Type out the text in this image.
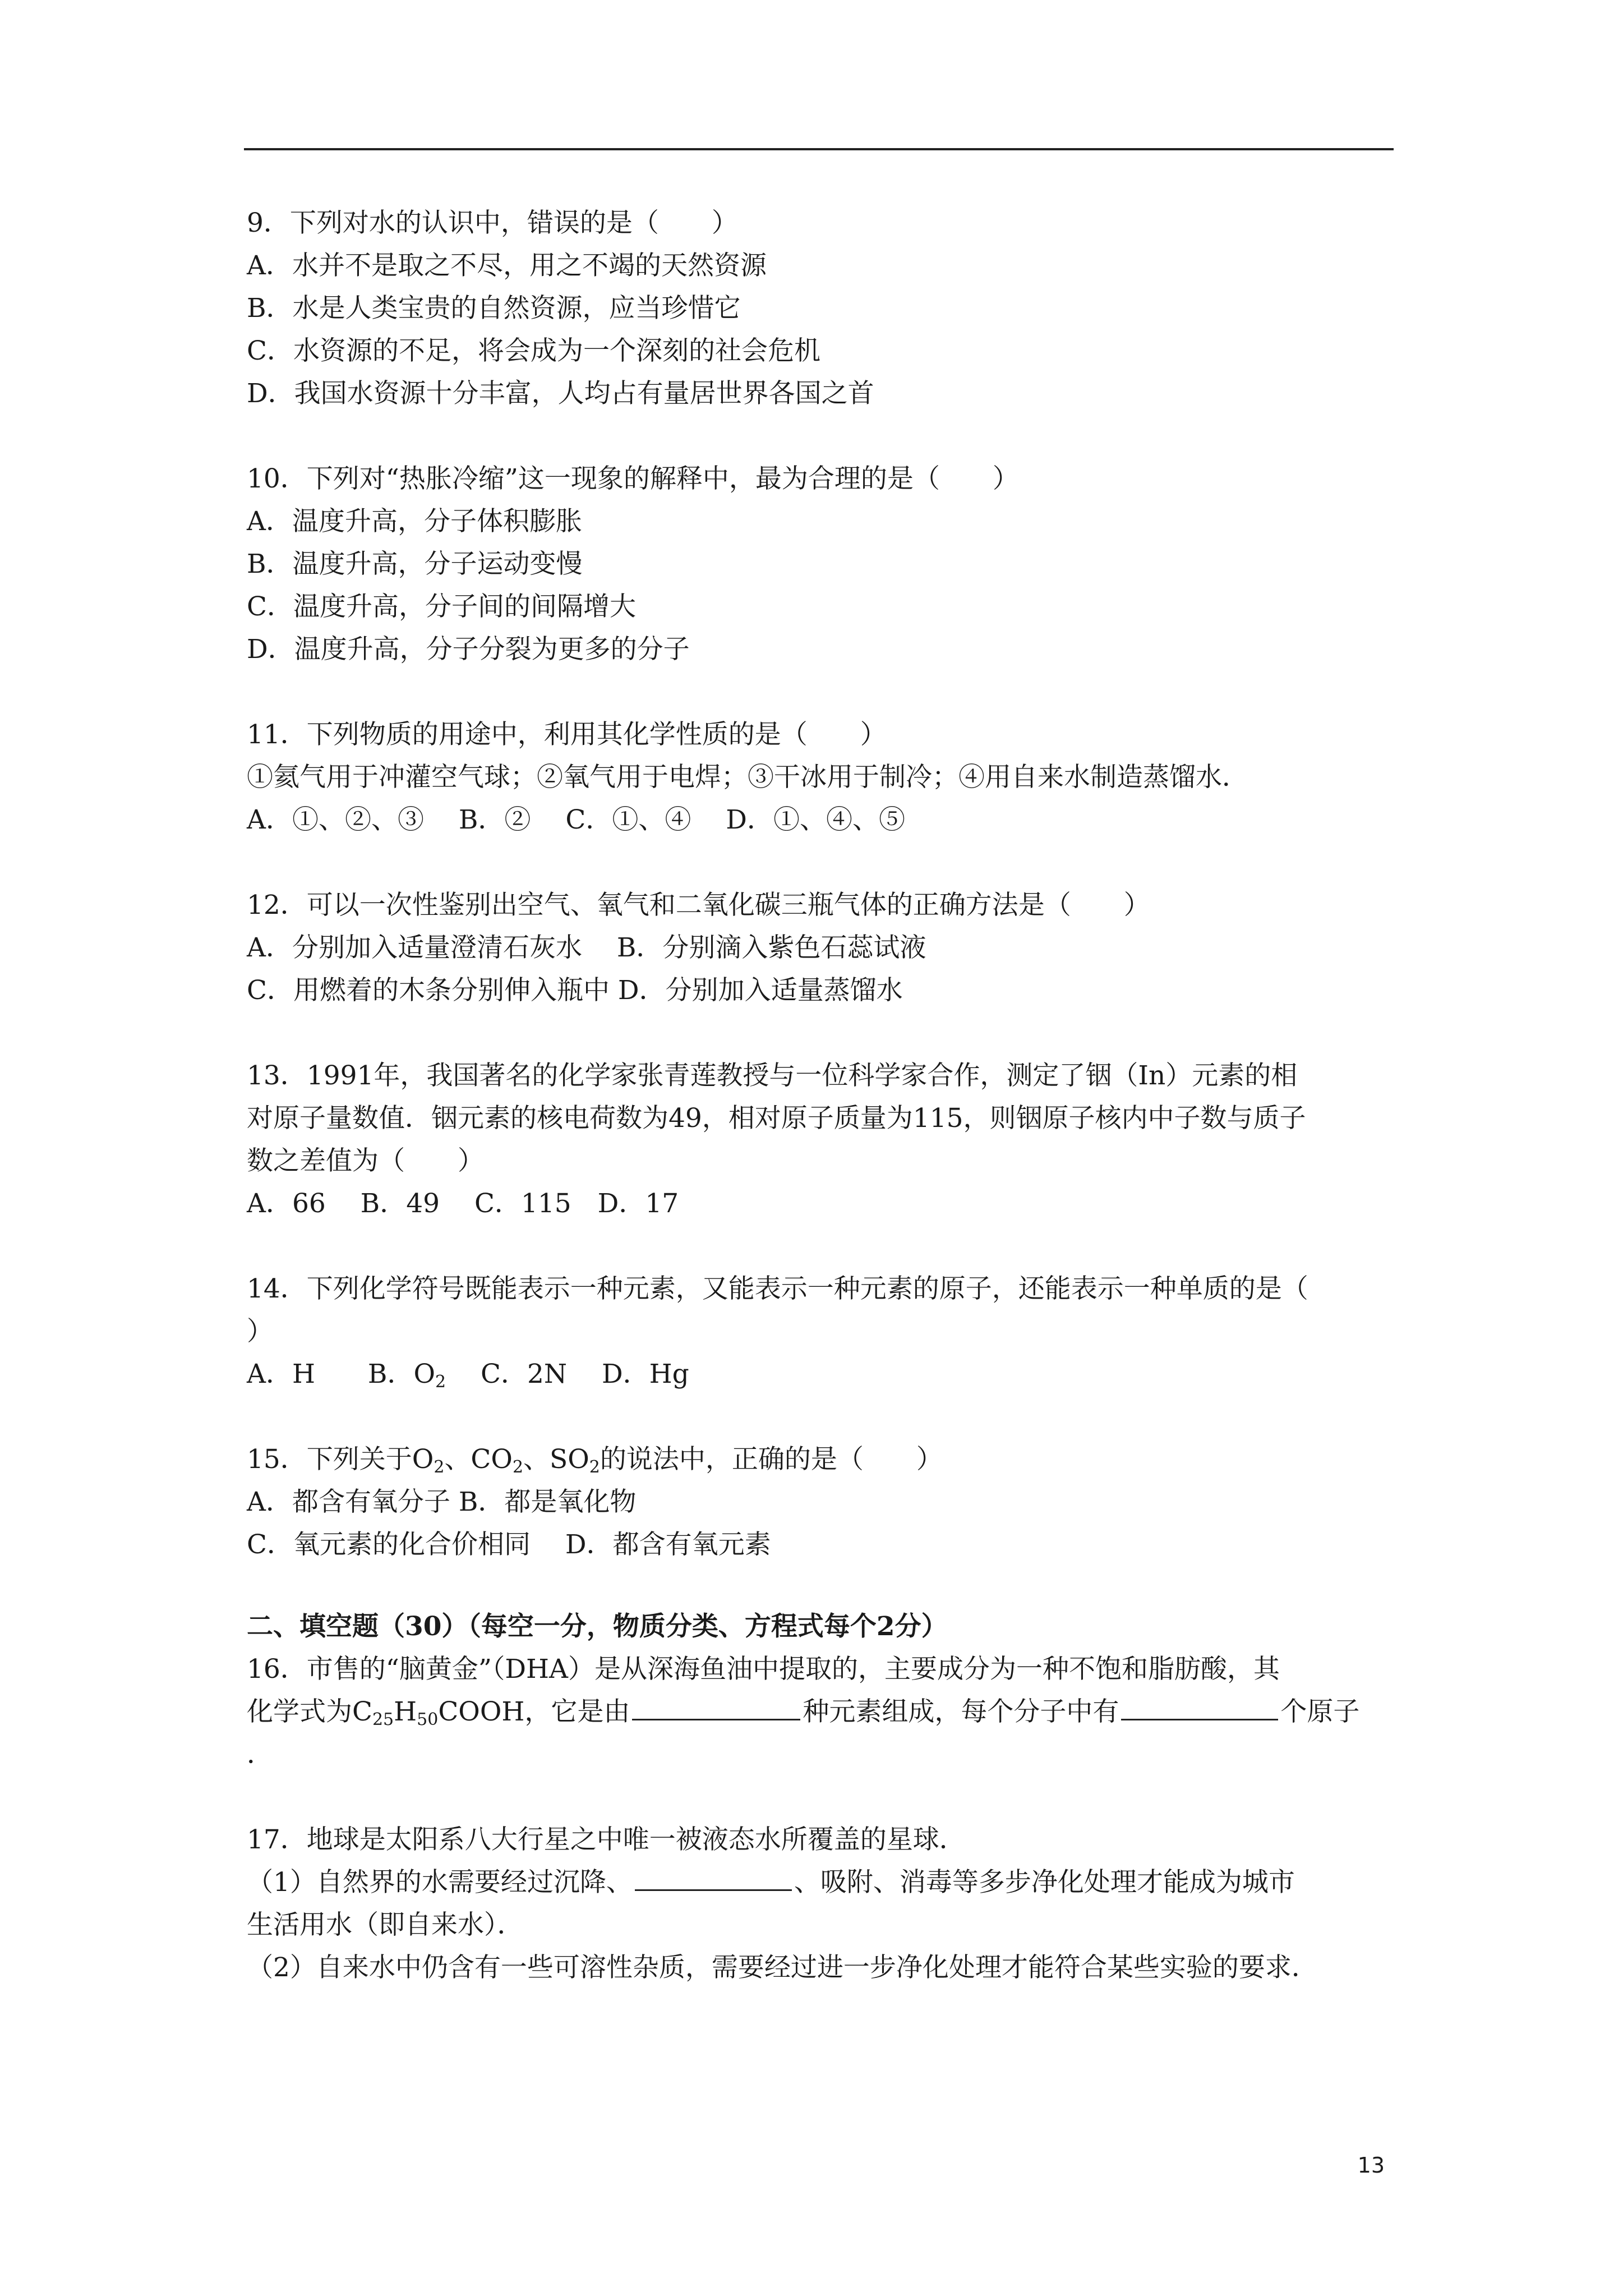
9．下列对水的认识中，错误的是（　　）
A．水并不是取之不尽，用之不竭的天然资源
B．水是人类宝贵的自然资源，应当珍惜它
C．水资源的不足，将会成为一个深刻的社会危机
D．我国水资源十分丰富，人均占有量居世界各国之首
10．下列对“热胀冷缩”这一现象的解释中，最为合理的是（　　）
A．温度升高，分子体积膨胀
B．温度升高，分子运动变慢
C．温度升高，分子间的间隔增大
D．温度升高，分子分裂为更多的分子
11．下列物质的用途中，利用其化学性质的是（　　）
①氦气用于冲灌空气球；②氧气用于电焊；③干冰用于制冷；④用自来水制造蒸馏水．
A．①、②、③　 B．②　 C．①、④　 D．①、④、⑤
12．可以一次性鉴别出空气、氧气和二氧化碳三瓶气体的正确方法是（　　）
A．分别加入适量澄清石灰水　 B．分别滴入紫色石蕊试液
C．用燃着的木条分别伸入瓶中 D．分别加入适量蒸馏水
13．1991年，我国著名的化学家张青莲教授与一位科学家合作，测定了铟（In）元素的相
对原子量数值．铟元素的核电荷数为49，相对原子质量为115，则铟原子核内中子数与质子
数之差值为（　　）
A．66　 B．49　 C．115　D．17
14．下列化学符号既能表示一种元素，又能表示一种元素的原子，还能表示一种单质的是（
）
A．H　　B．$O_2$　 C．2N　 D．Hg
15．下列关于$O_2$、$CO_2$、$SO_2$的说法中，正确的是（　　）
A．都含有氧分子 B．都是氧化物
C．氧元素的化合价相同　 D．都含有氧元素
二、填空题（30）（每空一分，物质分类、方程式每个2分）
16．市售的“脑黄金”（DHA）是从深海鱼油中提取的，主要成分为一种不饱和脂肪酸，其
化学式为$C_{25}H_{50}COOH$，它是由	种元素组成，每个分子中有	个原子
．
17．地球是太阳系八大行星之中唯一被液态水所覆盖的星球．
（1）自然界的水需要经过沉降、	、吸附、消毒等多步净化处理才能成为城市
生活用水（即自来水）．
（2）自来水中仍含有一些可溶性杂质，需要经过进一步净化处理才能符合某些实验的要求．
13
